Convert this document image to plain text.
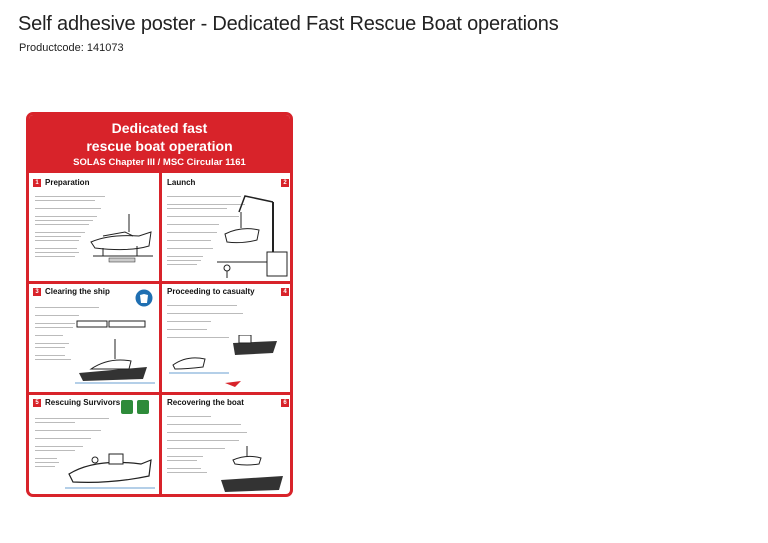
Self adhesive poster - Dedicated Fast Rescue Boat operations
Productcode: 141073
Dedicated fast
rescue boat operation
SOLAS Chapter III / MSC Circular 1161
1 Preparation	Launch	2
3 Clearing the ship	Proceeding to casualty	4
5 Rescuing Survivors	Recovering the boat	6
